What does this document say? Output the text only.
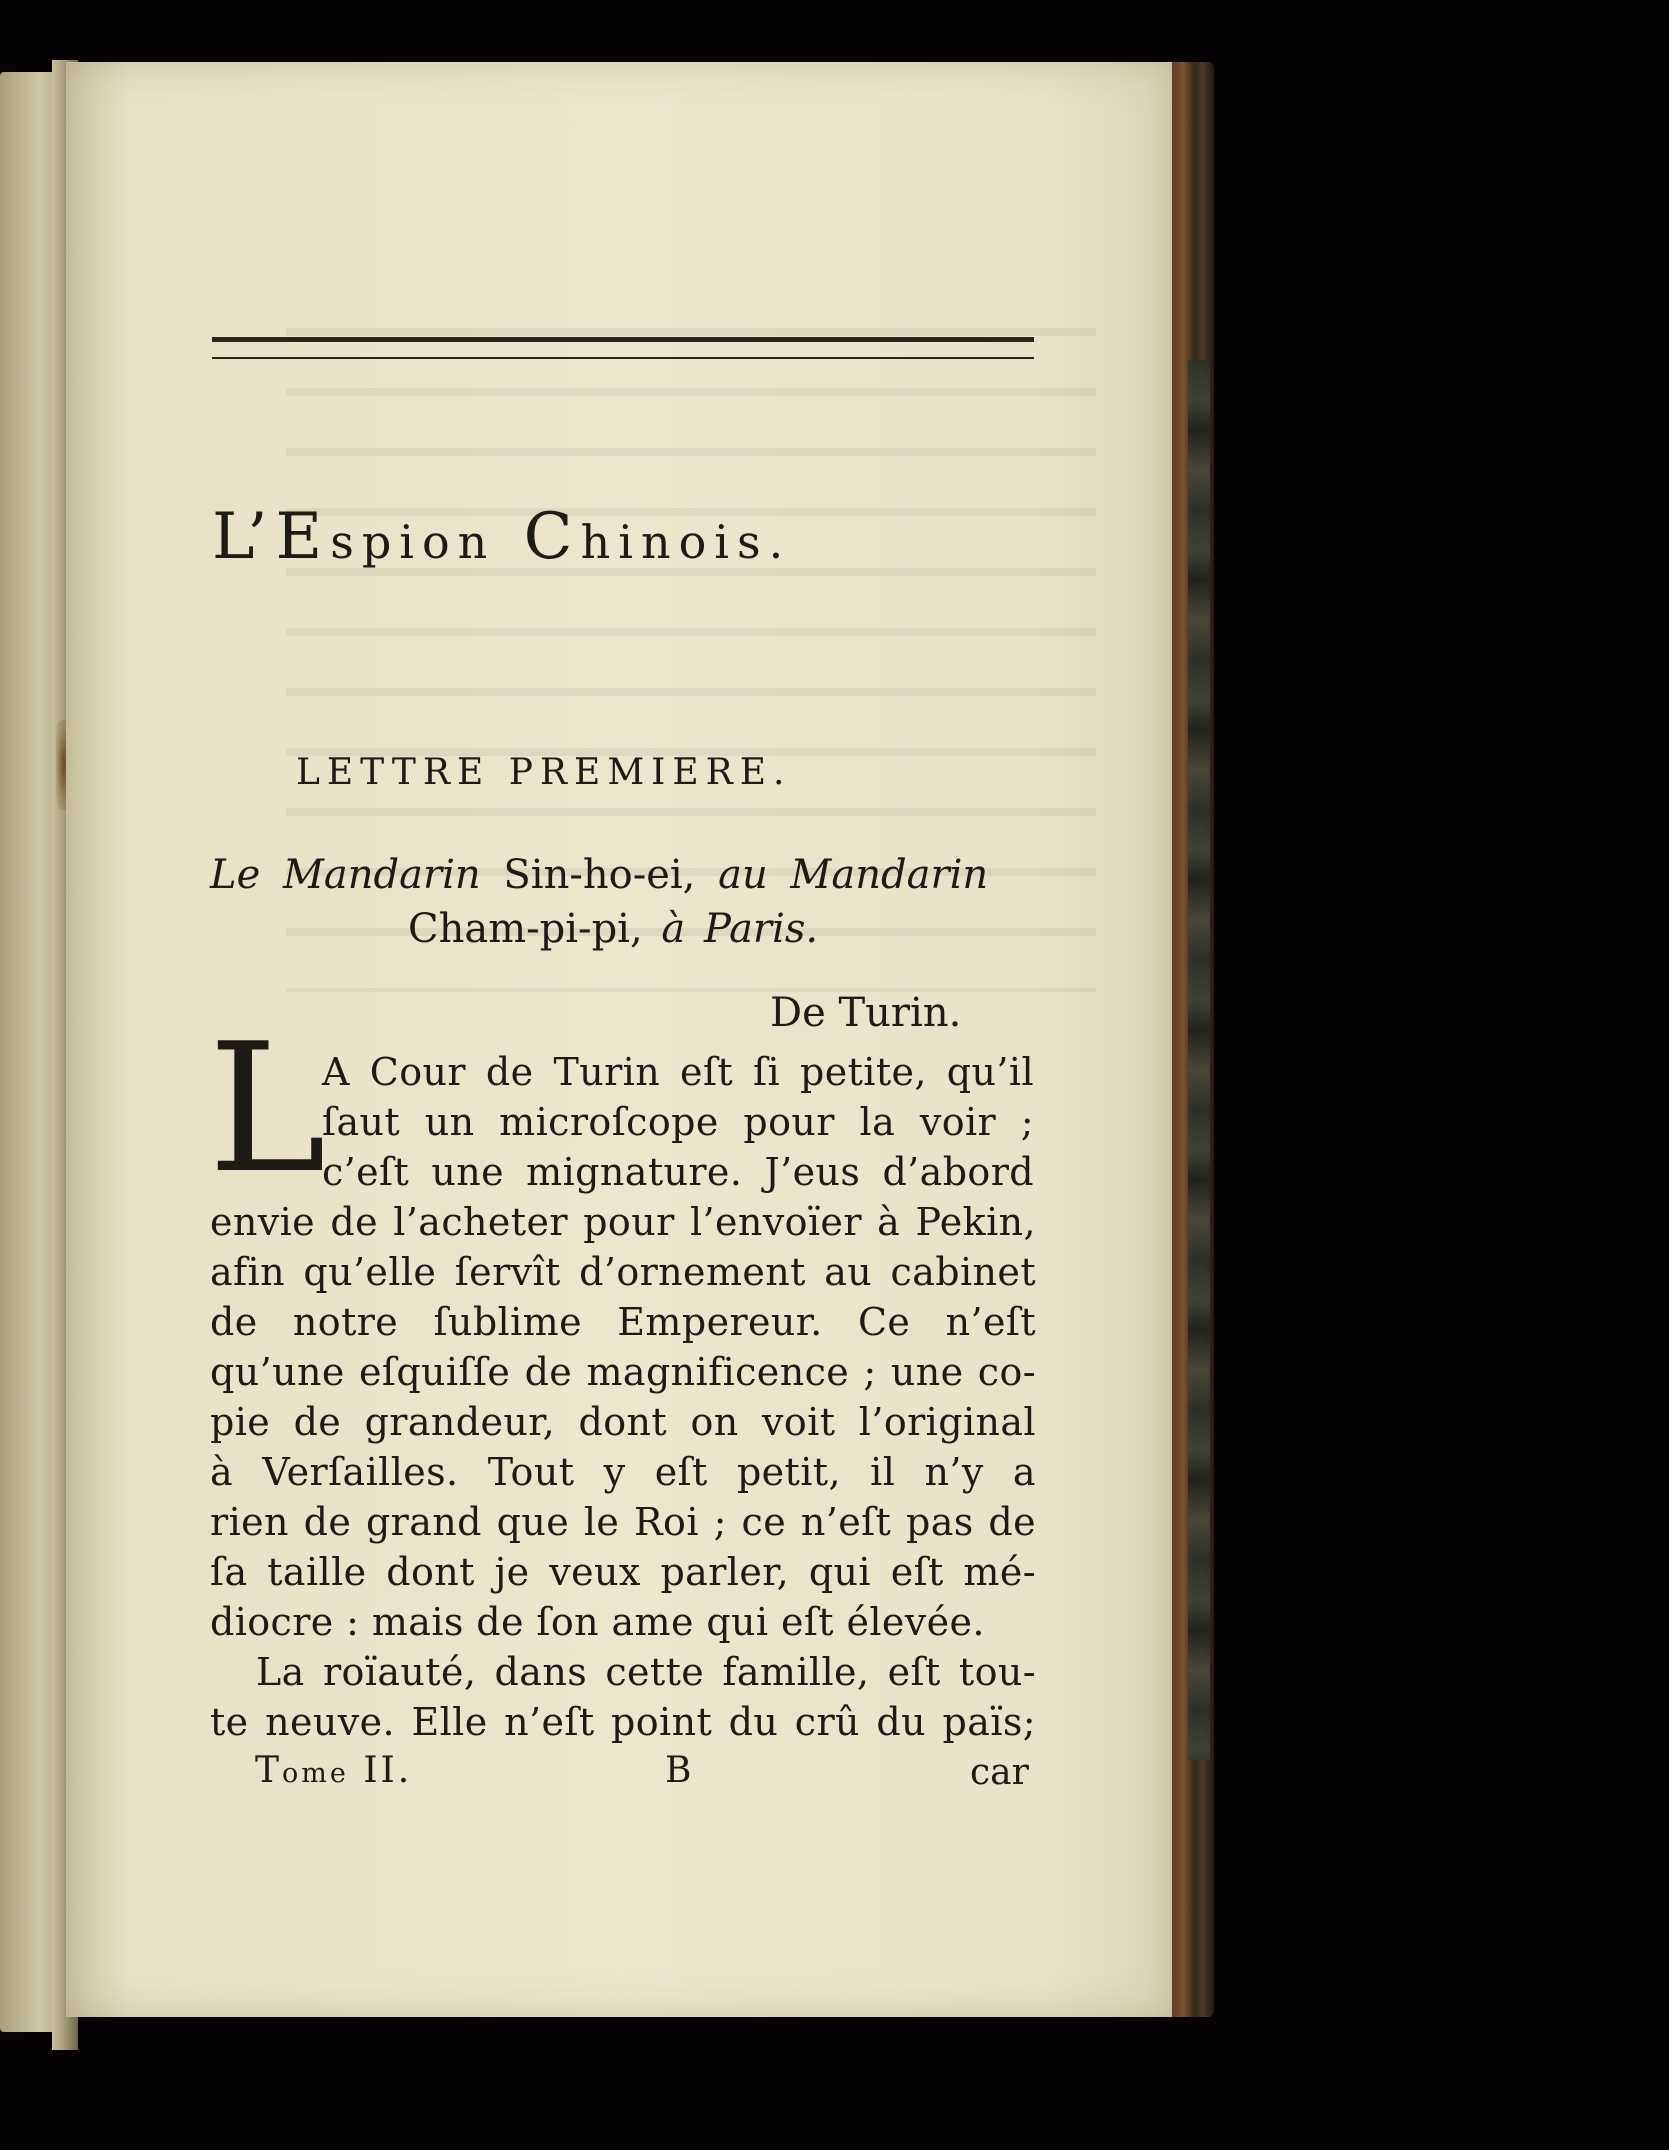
L’Espion Chinois.
LETTRE PREMIERE.
Le Mandarin Sin-ho-ei, au Mandarin
Cham-pi-pi, à Paris.
De Turin.
L
A Cour de Turin eſt ſi petite, qu’il
ſaut un microſcope pour la voir ;
c’eſt une mignature. J’eus d’abord
envie de l’acheter pour l’envoïer à Pekin,
afin qu’elle ſervît d’ornement au cabinet
de notre ſublime Empereur. Ce n’eſt
qu’une eſquiſſe de magnificence ; une co-
pie de grandeur, dont on voit l’original
à Verſailles. Tout y eſt petit, il n’y a
rien de grand que le Roi ; ce n’eſt pas de
ſa taille dont je veux parler, qui eſt mé-
diocre : mais de ſon ame qui eſt élevée.
La roïauté, dans cette famille, eſt tou-
te neuve. Elle n’eſt point du crû du païs;
Tome II.	B	car
